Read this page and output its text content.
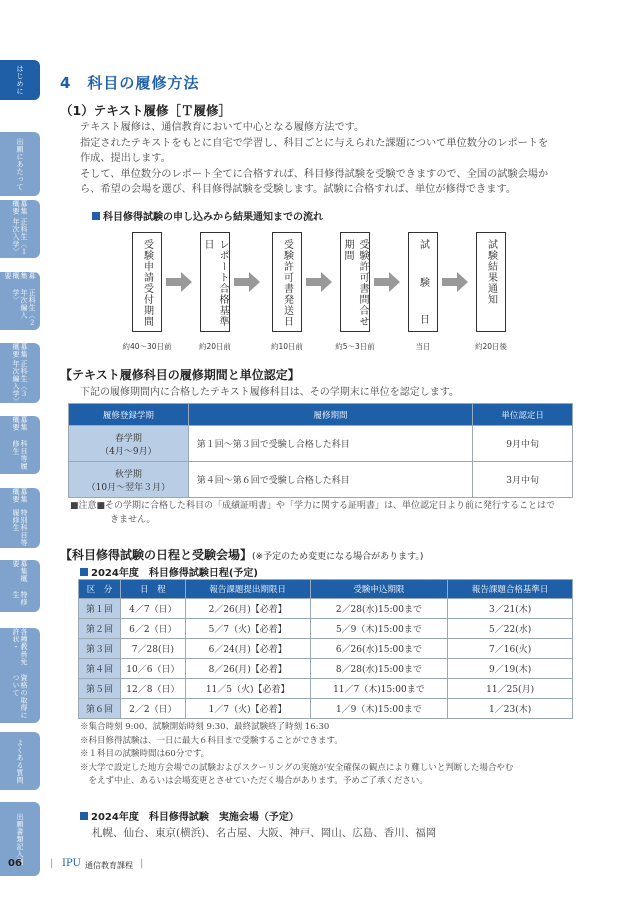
はじめに
出願にあたって
募集概要
正科生〈１年次入学〉
募集概要
正科生〈２年次編入学〉
募集概要
正科生〈３年次編入学〉
募集概要
科目等履修生
募集概要
特別科目等履修生
募集概要
特修生
各種教員免許状・
資格の取得について
よくある質問
出願書類記入例
4　科目の履修方法
（1）テキスト履修［Ｔ履修］
テキスト履修は、通信教育において中心となる履修方法です。
指定されたテキストをもとに自宅で学習し、科目ごとに与えられた課題について単位数分のレポートを
作成、提出します。
そして、単位数分のレポート全てに合格すれば、科目修得試験を受験できますので、全国の試験会場か
ら、希望の会場を選び、科目修得試験を受験します。試験に合格すれば、単位が修得できます。
科目修得試験の申し込みから結果通知までの流れ
受験申請受付期間
約40～30日前
レポート合格基準日
約20日前
受験許可書発送日
約10日前
受験許可書問合せ期間
約5～3日前
試
験
日
当日
試験結果通知
約20日後
【テキスト履修科目の履修期間と単位認定】
下記の履修期間内に合格したテキスト履修科目は、その学期末に単位を認定します。
履修登録学期	履修期間	単位認定日

春学期
（4月～9月）	第１回～第３回で受験し合格した科目	9月中旬

秋学期
（10月～翌年３月）	第４回～第６回で受験し合格した科目	3月中旬
■注意■その学期に合格した科目の「成績証明書」や「学力に関する証明書」は、単位認定日より前に発行することはで
きません。
【科目修得試験の日程と受験会場】(※予定のため変更になる場合があります。)
2024年度　科目修得試験日程(予定)
区　分	日　程	報告課題提出期限日	受験申込期限	報告課題合格基準日
第１回	4／7（日）	2／26(月)【必着】	2／28(水)15:00まで	3／21(木)
第２回	6／2（日）	5／7（火)【必着】	5／9（木)15:00まで	5／22(水)
第３回	7／28(日)	6／24(月)【必着】	6／26(水)15:00まで	7／16(火)
第４回	10／6（日）	8／26(月)【必着】	8／28(水)15:00まで	9／19(木)
第５回	12／8（日）	11／5（火)【必着】	11／7（木)15:00まで	11／25(月)
第６回	2／2（日）	1／7（火)【必着】	1／9（木)15:00まで	1／23(木)
※集合時刻 9:00、試験開始時刻 9:30、最終試験終了時刻 16:30
※科目修得試験は、一日に最大６科目まで受験することができます。
※１科目の試験時間は60分です。
※大学で設定した地方会場での試験およびスクーリングの実施が安全確保の観点により難しいと判断した場合やむ
　をえず中止、あるいは会場変更とさせていただく場合があります。予めご了承ください。
2024年度　科目修得試験　実施会場（予定）
札幌、仙台、東京(横浜)、名古屋、大阪、神戸、岡山、広島、香川、福岡
06	| IPU 通信教育課程 |
